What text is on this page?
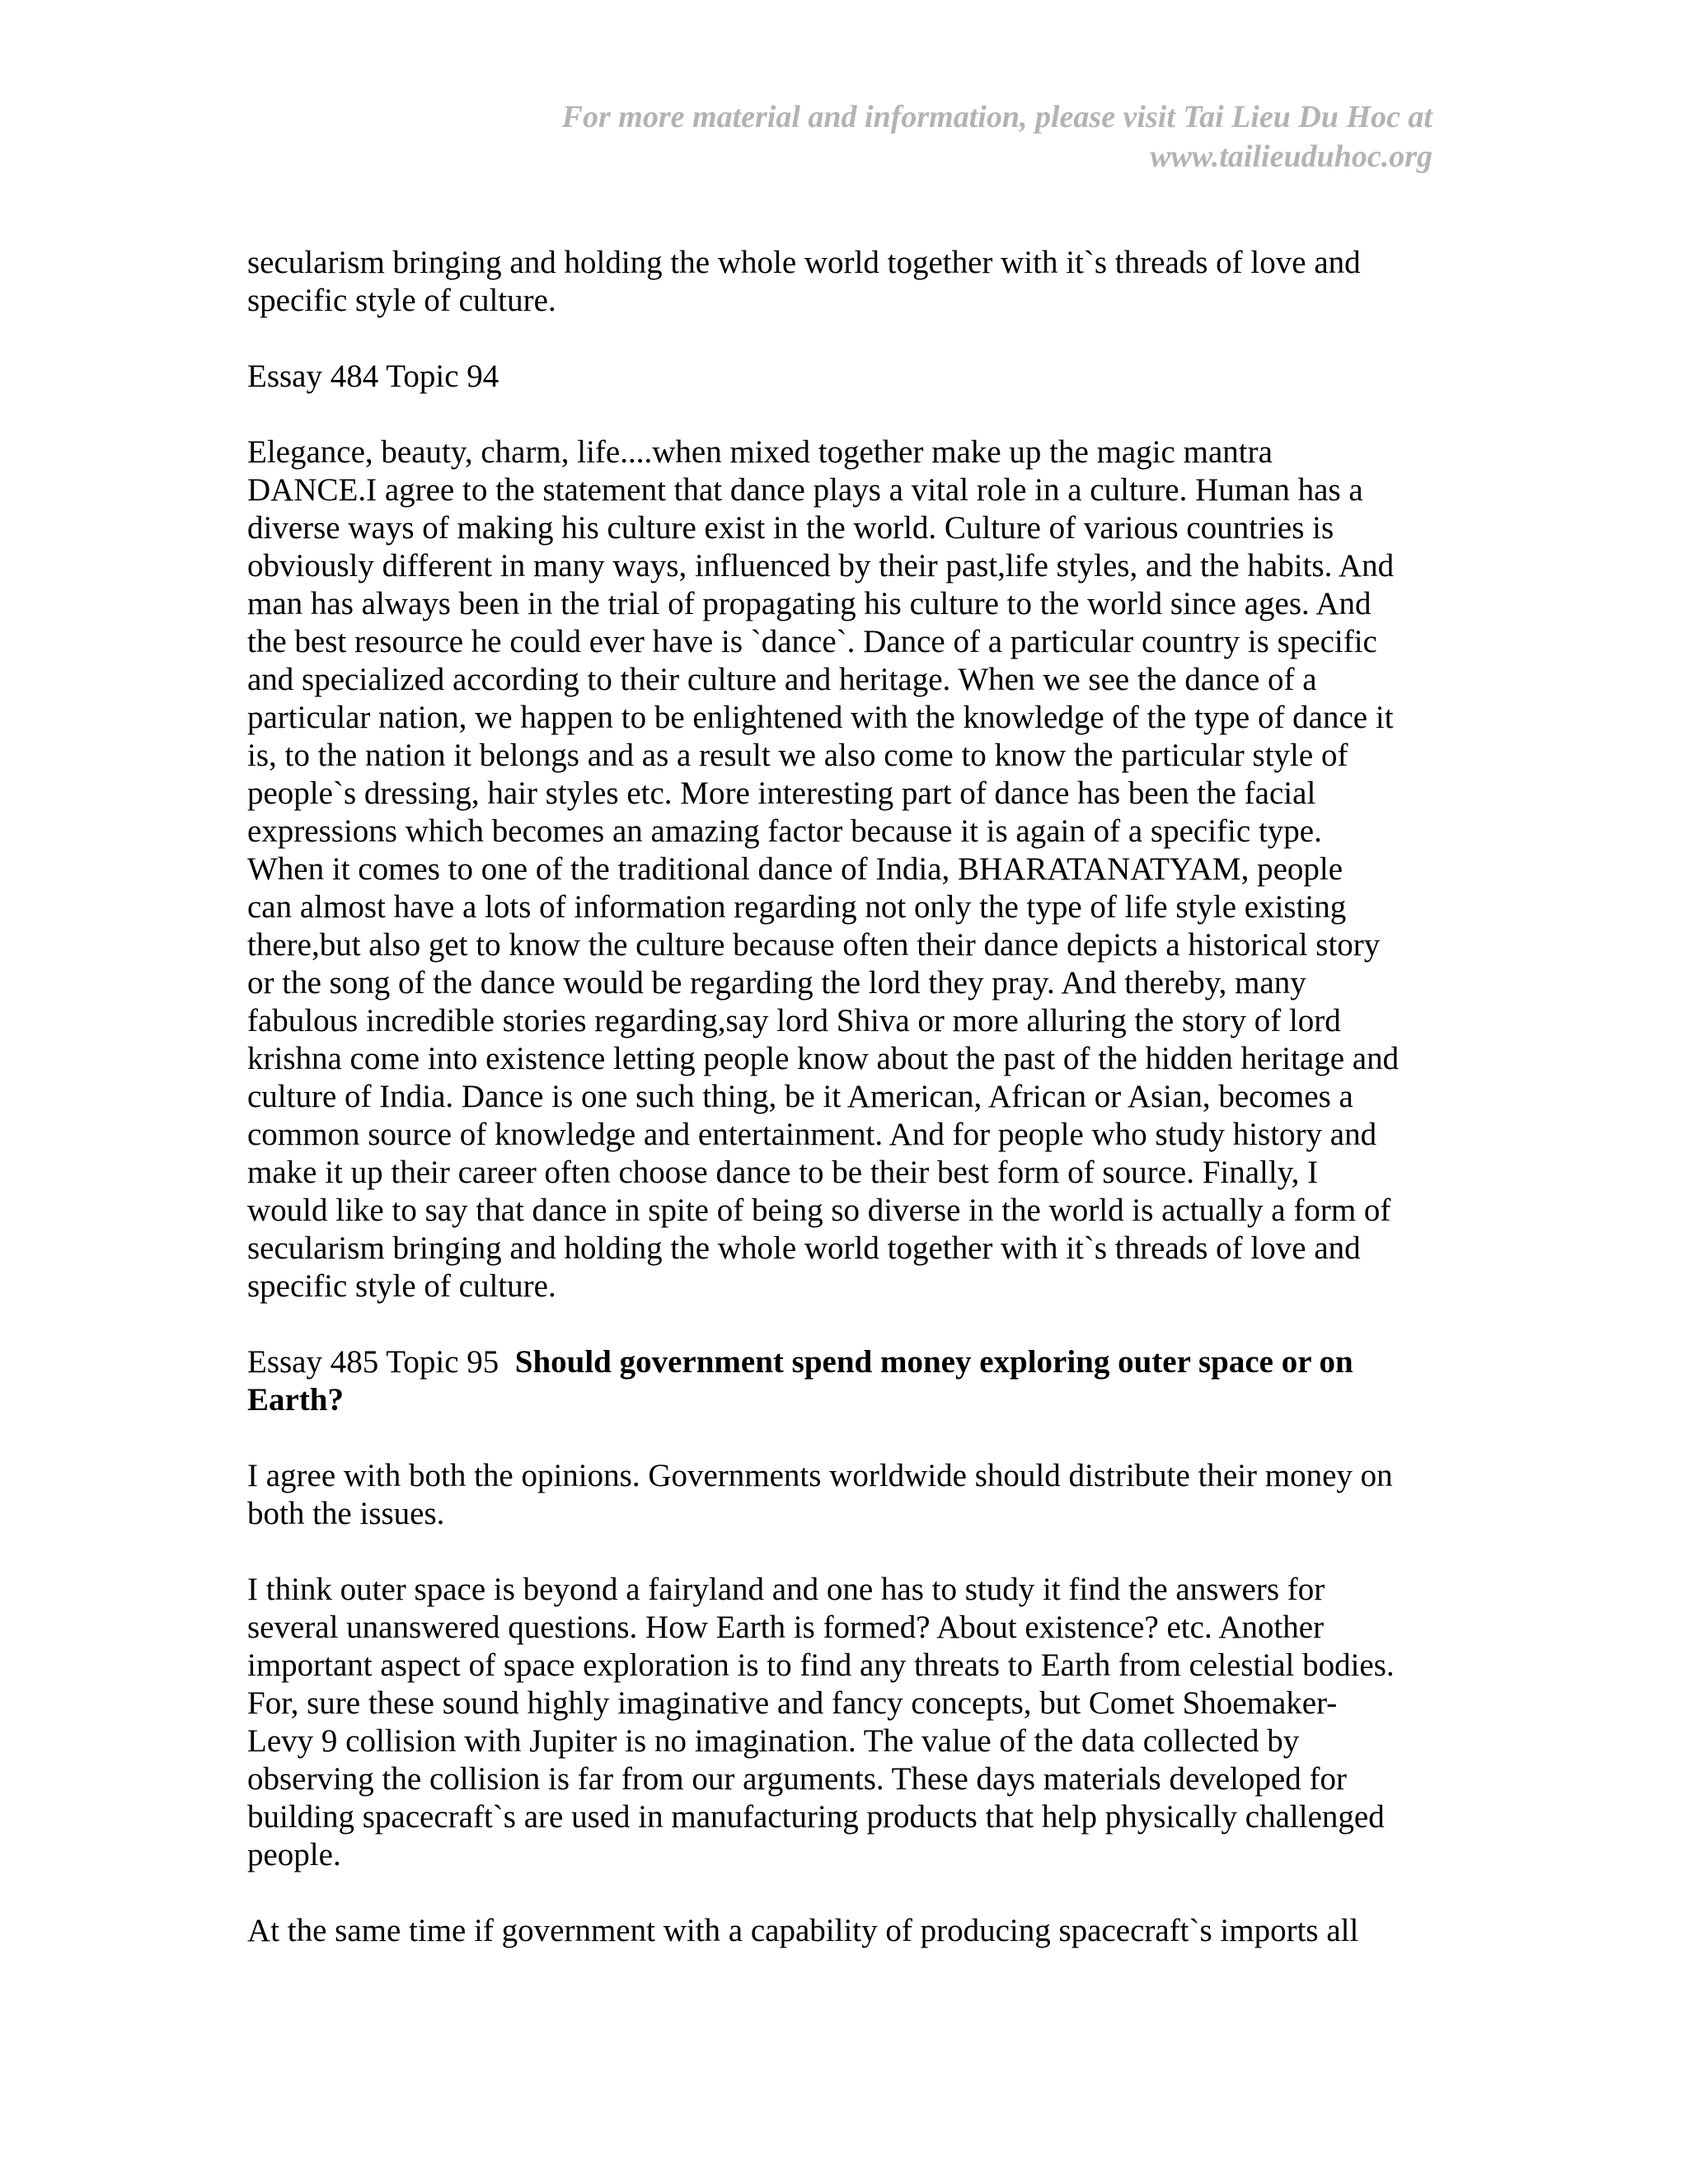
For more material and information, please visit Tai Lieu Du Hoc at
www.tailieuduhoc.org
secularism bringing and holding the whole world together with it`s threads of love and
specific style of culture.
Essay 484 Topic 94
Elegance, beauty, charm, life....when mixed together make up the magic mantra
DANCE.I agree to the statement that dance plays a vital role in a culture. Human has a
diverse ways of making his culture exist in the world. Culture of various countries is
obviously different in many ways, influenced by their past,life styles, and the habits. And
man has always been in the trial of propagating his culture to the world since ages. And
the best resource he could ever have is `dance`. Dance of a particular country is specific
and specialized according to their culture and heritage. When we see the dance of a
particular nation, we happen to be enlightened with the knowledge of the type of dance it
is, to the nation it belongs and as a result we also come to know the particular style of
people`s dressing, hair styles etc. More interesting part of dance has been the facial
expressions which becomes an amazing factor because it is again of a specific type.
When it comes to one of the traditional dance of India, BHARATANATYAM, people
can almost have a lots of information regarding not only the type of life style existing
there,but also get to know the culture because often their dance depicts a historical story
or the song of the dance would be regarding the lord they pray. And thereby, many
fabulous incredible stories regarding,say lord Shiva or more alluring the story of lord
krishna come into existence letting people know about the past of the hidden heritage and
culture of India. Dance is one such thing, be it American, African or Asian, becomes a
common source of knowledge and entertainment. And for people who study history and
make it up their career often choose dance to be their best form of source. Finally, I
would like to say that dance in spite of being so diverse in the world is actually a form of
secularism bringing and holding the whole world together with it`s threads of love and
specific style of culture.
Essay 485 Topic 95 Should government spend money exploring outer space or on
Earth?
I agree with both the opinions. Governments worldwide should distribute their money on
both the issues.
I think outer space is beyond a fairyland and one has to study it find the answers for
several unanswered questions. How Earth is formed? About existence? etc. Another
important aspect of space exploration is to find any threats to Earth from celestial bodies.
For, sure these sound highly imaginative and fancy concepts, but Comet Shoemaker-
Levy 9 collision with Jupiter is no imagination. The value of the data collected by
observing the collision is far from our arguments. These days materials developed for
building spacecraft`s are used in manufacturing products that help physically challenged
people.
At the same time if government with a capability of producing spacecraft`s imports all
